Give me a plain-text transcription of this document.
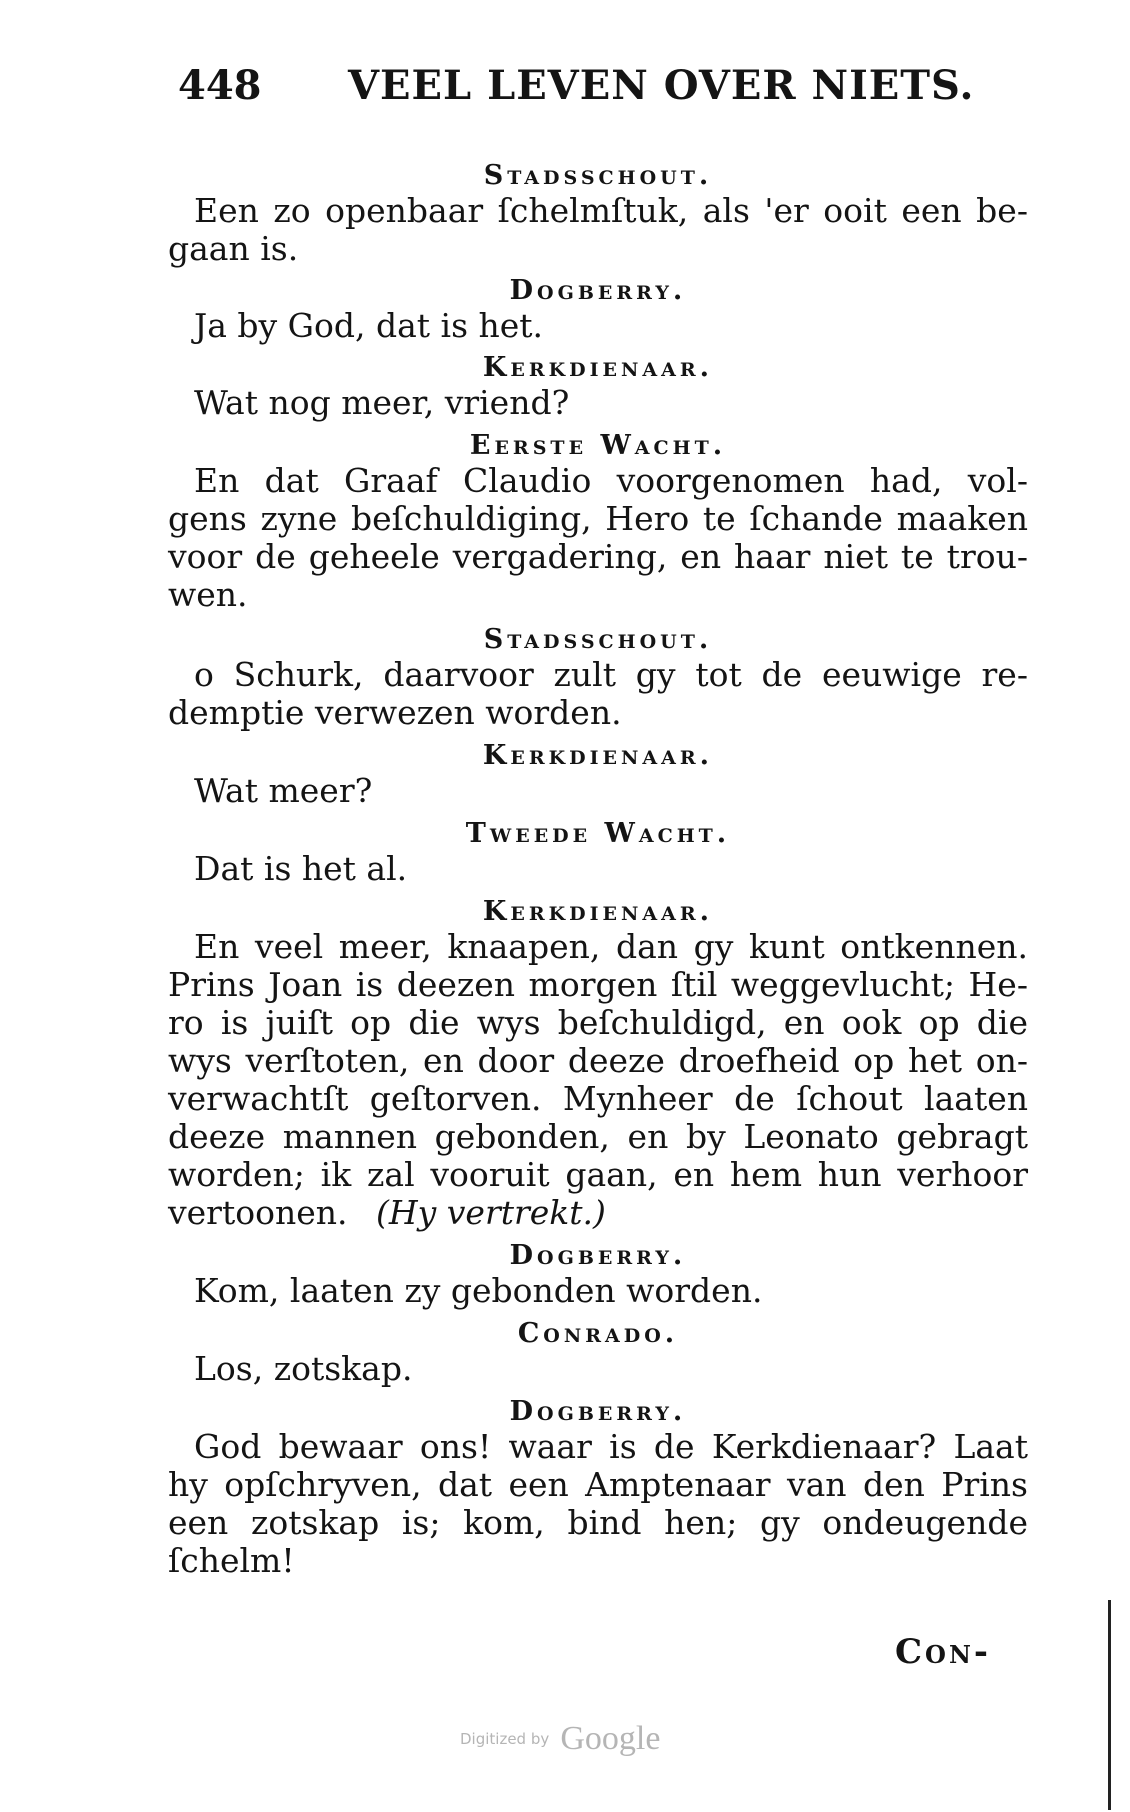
448 VEEL LEVEN OVER NIETS.
Stadsschout.
Een zo openbaar ſchelmſtuk, als 'er ooit een be-
gaan is.
Dogberry.
Ja by God, dat is het.
Kerkdienaar.
Wat nog meer, vriend?
Eerste Wacht.
En dat Graaf Claudio voorgenomen had, vol-
gens zyne beſchuldiging, Hero te ſchande maaken
voor de geheele vergadering, en haar niet te trou-
wen.
Stadsschout.
o Schurk, daarvoor zult gy tot de eeuwige re-
demptie verwezen worden.
Kerkdienaar.
Wat meer?
Tweede Wacht.
Dat is het al.
Kerkdienaar.
En veel meer, knaapen, dan gy kunt ontkennen.
Prins Joan is deezen morgen ſtil weggevlucht; He-
ro is juiſt op die wys beſchuldigd, en ook op die
wys verſtoten, en door deeze droefheid op het on-
verwachtſt geſtorven. Mynheer de ſchout laaten
deeze mannen gebonden, en by Leonato gebragt
worden; ik zal vooruit gaan, en hem hun verhoor
vertoonen. (Hy vertrekt.)
Dogberry.
Kom, laaten zy gebonden worden.
Conrado.
Los, zotskap.
Dogberry.
God bewaar ons! waar is de Kerkdienaar? Laat
hy opſchryven, dat een Amptenaar van den Prins
een zotskap is; kom, bind hen; gy ondeugende
ſchelm!
Con-
Digitized by Google
